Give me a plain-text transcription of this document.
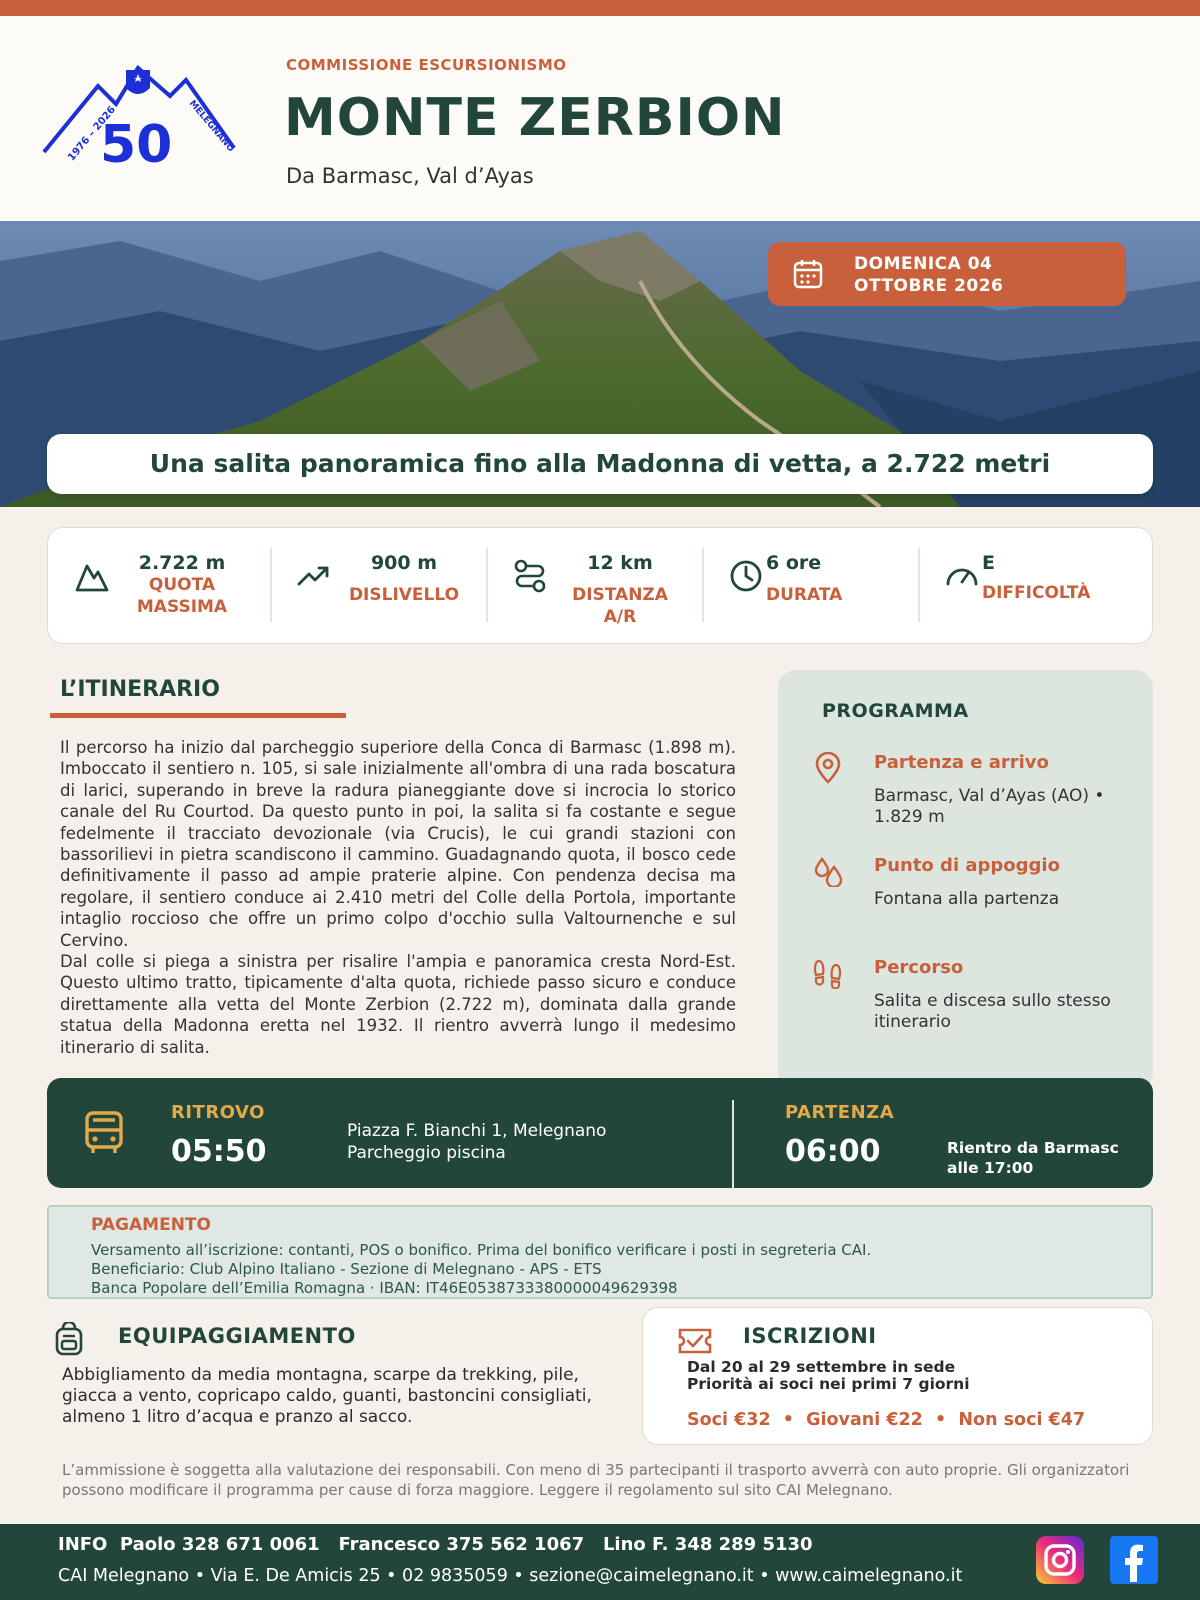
50
1976 – 2026	MELEGNANO
COMMISSIONE ESCURSIONISMO
MONTE ZERBION
Da Barmasc, Val d’Ayas
DOMENICA 04
OTTOBRE 2026
Una salita panoramica fino alla Madonna di vetta, a 2.722 metri
2.722 m
QUOTA
MASSIMA
900 m
DISLIVELLO
12 km
DISTANZA A/R
6 ore
DURATA
E
DIFFICOLTÀ
L’ITINERARIO

Il percorso ha inizio dal parcheggio superiore della Conca di Barmasc (1.898 m). Imboccato il sentiero n. 105, si sale inizialmente all'ombra di una rada boscatura di larici, superando in breve la radura pianeggiante dove si incrocia lo storico canale del Ru Courtod. Da questo punto in poi, la salita si fa costante e segue fedelmente il tracciato devozionale (via Crucis), le cui grandi stazioni con bassorilievi in pietra scandiscono il cammino. Guadagnando quota, il bosco cede definitivamente il passo ad ampie praterie alpine. Con pendenza decisa ma regolare, il sentiero conduce ai 2.410 metri del Colle della Portola, importante intaglio roccioso che offre un primo colpo d'occhio sulla Valtournenche e sul Cervino.

Dal colle si piega a sinistra per risalire l'ampia e panoramica cresta Nord-Est. Questo ultimo tratto, tipicamente d'alta quota, richiede passo sicuro e conduce direttamente alla vetta del Monte Zerbion (2.722 m), dominata dalla grande statua della Madonna eretta nel 1932. Il rientro avverrà lungo il medesimo itinerario di salita.

PROGRAMMA
Partenza e arrivo
Barmasc, Val d’Ayas (AO) • 1.829 m
Punto di appoggio
Fontana alla partenza
Percorso
Salita e discesa sullo stesso itinerario
RITROVO
05:50
Piazza F. Bianchi 1, Melegnano
Parcheggio piscina
PARTENZA
06:00	Rientro da Barmasc
alle 17:00
PAGAMENTO
Versamento all’iscrizione: contanti, POS o bonifico. Prima del bonifico verificare i posti in segreteria CAI.
Beneficiario: Club Alpino Italiano - Sezione di Melegnano - APS - ETS
Banca Popolare dell’Emilia Romagna · IBAN: IT46E0538733380000049629398
EQUIPAGGIAMENTO
Abbigliamento da media montagna, scarpe da trekking, pile, giacca a vento, copricapo caldo, guanti, bastoncini consigliati, almeno 1 litro d’acqua e pranzo al sacco.
ISCRIZIONI
Dal 20 al 29 settembre in sede
Priorità ai soci nei primi 7 giorni
Soci €32  •  Giovani €22  •  Non soci €47
L’ammissione è soggetta alla valutazione dei responsabili. Con meno di 35 partecipanti il trasporto avverrà con auto proprie. Gli organizzatori possono modificare il programma per cause di forza maggiore. Leggere il regolamento sul sito CAI Melegnano.
INFO  Paolo 328 671 0061   Francesco 375 562 1067   Lino F. 348 289 5130
CAI Melegnano • Via E. De Amicis 25 • 02 9835059 • sezione@caimelegnano.it • www.caimelegnano.it
